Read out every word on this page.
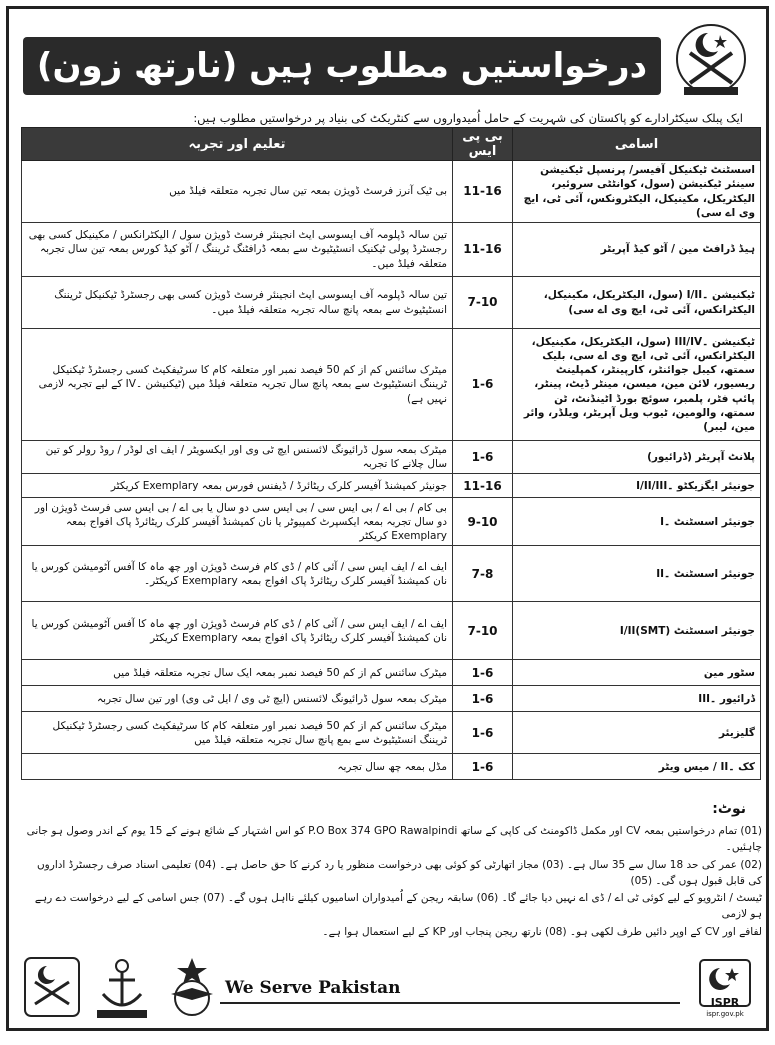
درخواستیں مطلوب ہیں (نارتھ زون)
ایک پبلک سیکٹرادارے کو پاکستان کی شہریت کے حامل اُمیدواروں سے کنٹریکٹ کی بنیاد پر درخواستیں مطلوب ہیں:
اسامی	بی پی ایس	تعلیم اور تجربہ
اسسٹنٹ ٹیکنیکل آفیسر/ پرنسپل ٹیکنیشن سینئر ٹیکنیشن (سول، کوانٹٹی سروئیر، الیکٹریکل، مکینیکل، الیکٹرونکس، آئی ٹی، ایچ وی اے سی)	11-16	بی ٹیک آنرز فرسٹ ڈویژن بمعہ تین سال تجربہ متعلقہ فیلڈ میں
ہیڈ ڈرافٹ مین / آٹو کیڈ آپریٹر	11-16	تین سالہ ڈپلومہ آف ایسوسی ایٹ انجینئر فرسٹ ڈویژن سول / الیکٹرانکس / مکینیکل کسی بھی رجسٹرڈ پولی ٹیکنیک انسٹیٹیوٹ سے بمعہ ڈرافٹنگ ٹریننگ / آٹو کیڈ کورس بمعہ تین سال تجربہ متعلقہ فیلڈ میں۔
ٹیکنیشن ۔I/II (سول، الیکٹریکل، مکینیکل، الیکٹرانکس، آئی ٹی، ایچ وی اے سی)	7-10	تین سالہ ڈپلومہ آف ایسوسی ایٹ انجینئر فرسٹ ڈویژن کسی بھی رجسٹرڈ ٹیکنیکل ٹریننگ انسٹیٹیوٹ سے بمعہ پانچ سالہ تجربہ متعلقہ فیلڈ میں۔
ٹیکنیشن ۔III/IV (سول، الیکٹریکل، مکینیکل، الیکٹرانکس، آئی ٹی، ایچ وی اے سی، بلیک سمتھ، کیبل جوائنٹر، کارپینٹر، کمپلینٹ ریسیور، لائن مین، میسن، مینٹر ڈیٹ، پینٹر، پائپ فٹر، پلمبر، سوئچ بورڈ اٹینڈنٹ، ٹن سمتھ، والومین، ٹیوب ویل آپریٹر، ویلڈر، وائر مین، لیبر)	1-6	میٹرک سائنس کم از کم 50 فیصد نمبر اور متعلقہ کام کا سرٹیفکیٹ کسی رجسٹرڈ ٹیکنیکل ٹریننگ انسٹیٹیوٹ سے بمعہ پانچ سال تجربہ متعلقہ فیلڈ میں (ٹیکنیشن ۔IV کے لیے تجربہ لازمی نہیں ہے)
پلانٹ آپریٹر (ڈرائیور)	1-6	میٹرک بمعہ سول ڈرائیونگ لائسنس ایچ ٹی وی اور ایکسویٹر / ایف ای لوڈر / روڈ رولر کو تین سال چلانے کا تجربہ
جونیئر ایگزیکٹو ۔I/II/III	11-16	جونیئر کمیشنڈ آفیسر کلرک ریٹائرڈ / ڈیفنس فورس بمعہ Exemplary کریکٹر
جونیئر اسسٹنٹ ۔I	9-10	بی کام / بی اے / بی ایس سی / بی ایس سی دو سال یا بی اے / بی ایس سی فرسٹ ڈویژن اور دو سال تجربہ بمعہ ایکسپرٹ کمپیوٹر یا نان کمیشنڈ آفیسر کلرک ریٹائرڈ پاک افواج بمعہ Exemplary کریکٹر
جونیئر اسسٹنٹ ۔II	7-8	ایف اے / ایف ایس سی / آئی کام / ڈی کام فرسٹ ڈویژن اور چھ ماہ کا آفس آٹومیشن کورس یا نان کمیشنڈ آفیسر کلرک ریٹائرڈ پاک افواج بمعہ Exemplary کریکٹر۔
جونیئر اسسٹنٹ I/II(SMT)	7-10	ایف اے / ایف ایس سی / آئی کام / ڈی کام فرسٹ ڈویژن اور چھ ماہ کا آفس آٹومیشن کورس یا نان کمیشنڈ آفیسر کلرک ریٹائرڈ پاک افواج بمعہ Exemplary کریکٹر
سٹور مین	1-6	میٹرک سائنس کم از کم 50 فیصد نمبر بمعہ ایک سال تجربہ متعلقہ فیلڈ میں
ڈرائیور ۔III	1-6	میٹرک بمعہ سول ڈرائیونگ لائسنس (ایچ ٹی وی / ایل ٹی وی) اور تین سال تجربہ
گلیزیئر	1-6	میٹرک سائنس کم از کم 50 فیصد نمبر اور متعلقہ کام کا سرٹیفکیٹ کسی رجسٹرڈ ٹیکنیکل ٹریننگ انسٹیٹیوٹ سے بمع پانچ سال تجربہ متعلقہ فیلڈ میں
کک ۔II / میس ویٹر	1-6	مڈل بمعہ چھ سال تجربہ
نوٹ:

(01) تمام درخواستیں بمعہ CV اور مکمل ڈاکومنٹ کی کاپی کے ساتھ P.O Box 374 GPO Rawalpindi کو اس اشتہار کے شائع ہونے کے 15 یوم کے اندر وصول ہو جانی چاہئیں۔

(02) عمر کی حد 18 سال سے 35 سال ہے۔ (03) مجاز اتھارٹی کو کوئی بھی درخواست منظور یا رد کرنے کا حق حاصل ہے۔ (04) تعلیمی اسناد صرف رجسٹرڈ اداروں کی قابل قبول ہوں گی۔ (05)

ٹیسٹ / انٹرویو کے لیے کوئی ٹی اے / ڈی اے نہیں دیا جائے گا۔ (06) سابقہ ریجن کے اُمیدواران اسامیوں کیلئے نااہل ہوں گے۔ (07) جس اسامی کے لیے درخواست دے رہے ہو لازمی

لفافے اور CV کے اوپر دائیں طرف لکھی ہو۔ (08) نارتھ ریجن پنجاب اور KP کے لیے استعمال ہوا ہے۔

We Serve Pakistan
ISPR
ispr.gov.pk
